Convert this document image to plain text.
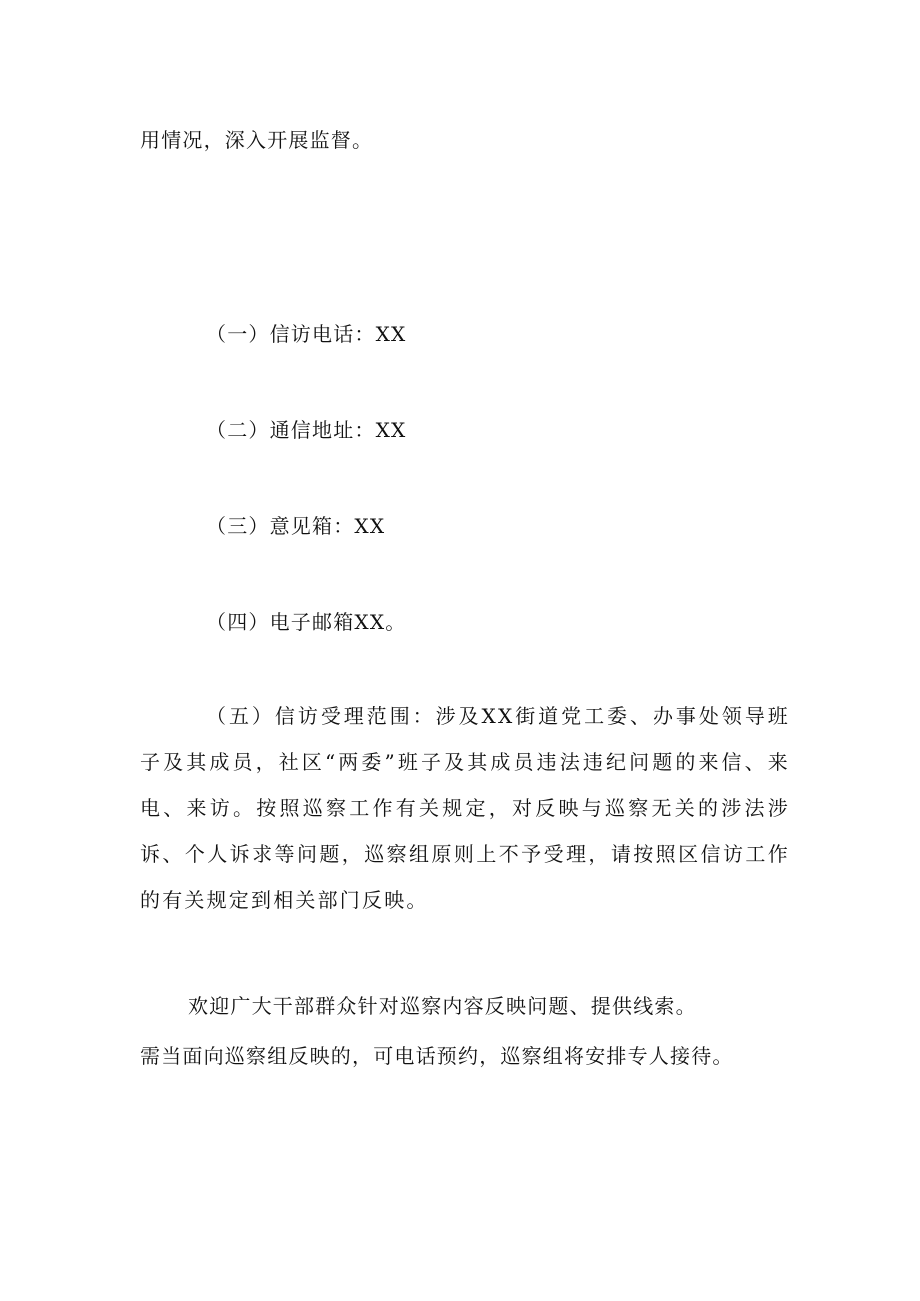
用情况，深入开展监督。
（一）信访电话：XX
（二）通信地址：XX
（三）意见箱：XX
（四）电子邮箱XX。
（五）信访受理范围：涉及XX街道党工委、办事处领导班子及其成员，社区“两委”班子及其成员违法违纪问题的来信、来电、来访。按照巡察工作有关规定，对反映与巡察无关的涉法涉诉、个人诉求等问题，巡察组原则上不予受理，请按照区信访工作的有关规定到相关部门反映。
欢迎广大干部群众针对巡察内容反映问题、提供线索。
需当面向巡察组反映的，可电话预约，巡察组将安排专人接待。
